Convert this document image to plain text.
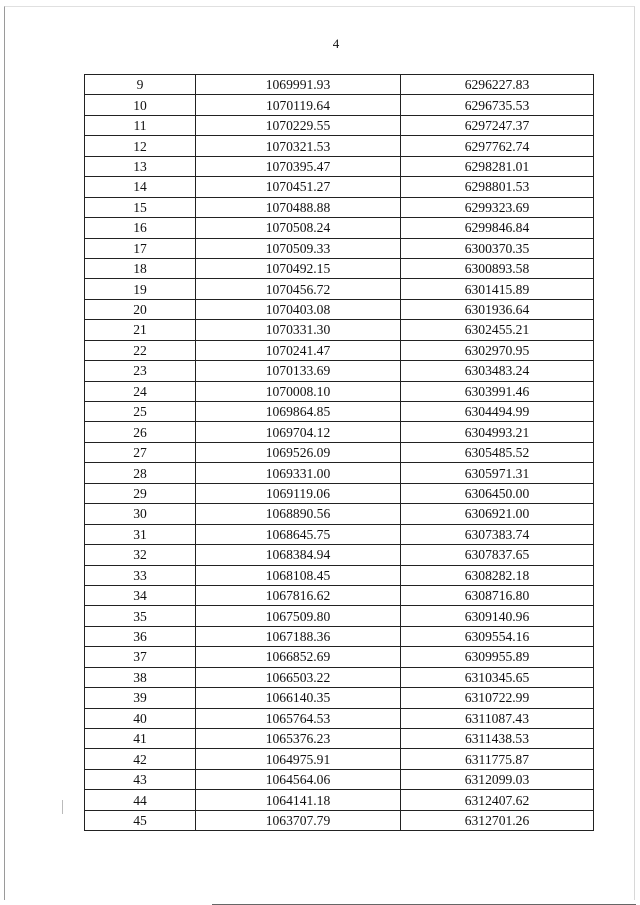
4
9	1069991.93	6296227.83
10	1070119.64	6296735.53
11	1070229.55	6297247.37
12	1070321.53	6297762.74
13	1070395.47	6298281.01
14	1070451.27	6298801.53
15	1070488.88	6299323.69
16	1070508.24	6299846.84
17	1070509.33	6300370.35
18	1070492.15	6300893.58
19	1070456.72	6301415.89
20	1070403.08	6301936.64
21	1070331.30	6302455.21
22	1070241.47	6302970.95
23	1070133.69	6303483.24
24	1070008.10	6303991.46
25	1069864.85	6304494.99
26	1069704.12	6304993.21
27	1069526.09	6305485.52
28	1069331.00	6305971.31
29	1069119.06	6306450.00
30	1068890.56	6306921.00
31	1068645.75	6307383.74
32	1068384.94	6307837.65
33	1068108.45	6308282.18
34	1067816.62	6308716.80
35	1067509.80	6309140.96
36	1067188.36	6309554.16
37	1066852.69	6309955.89
38	1066503.22	6310345.65
39	1066140.35	6310722.99
40	1065764.53	6311087.43
41	1065376.23	6311438.53
42	1064975.91	6311775.87
43	1064564.06	6312099.03
44	1064141.18	6312407.62
45	1063707.79	6312701.26
